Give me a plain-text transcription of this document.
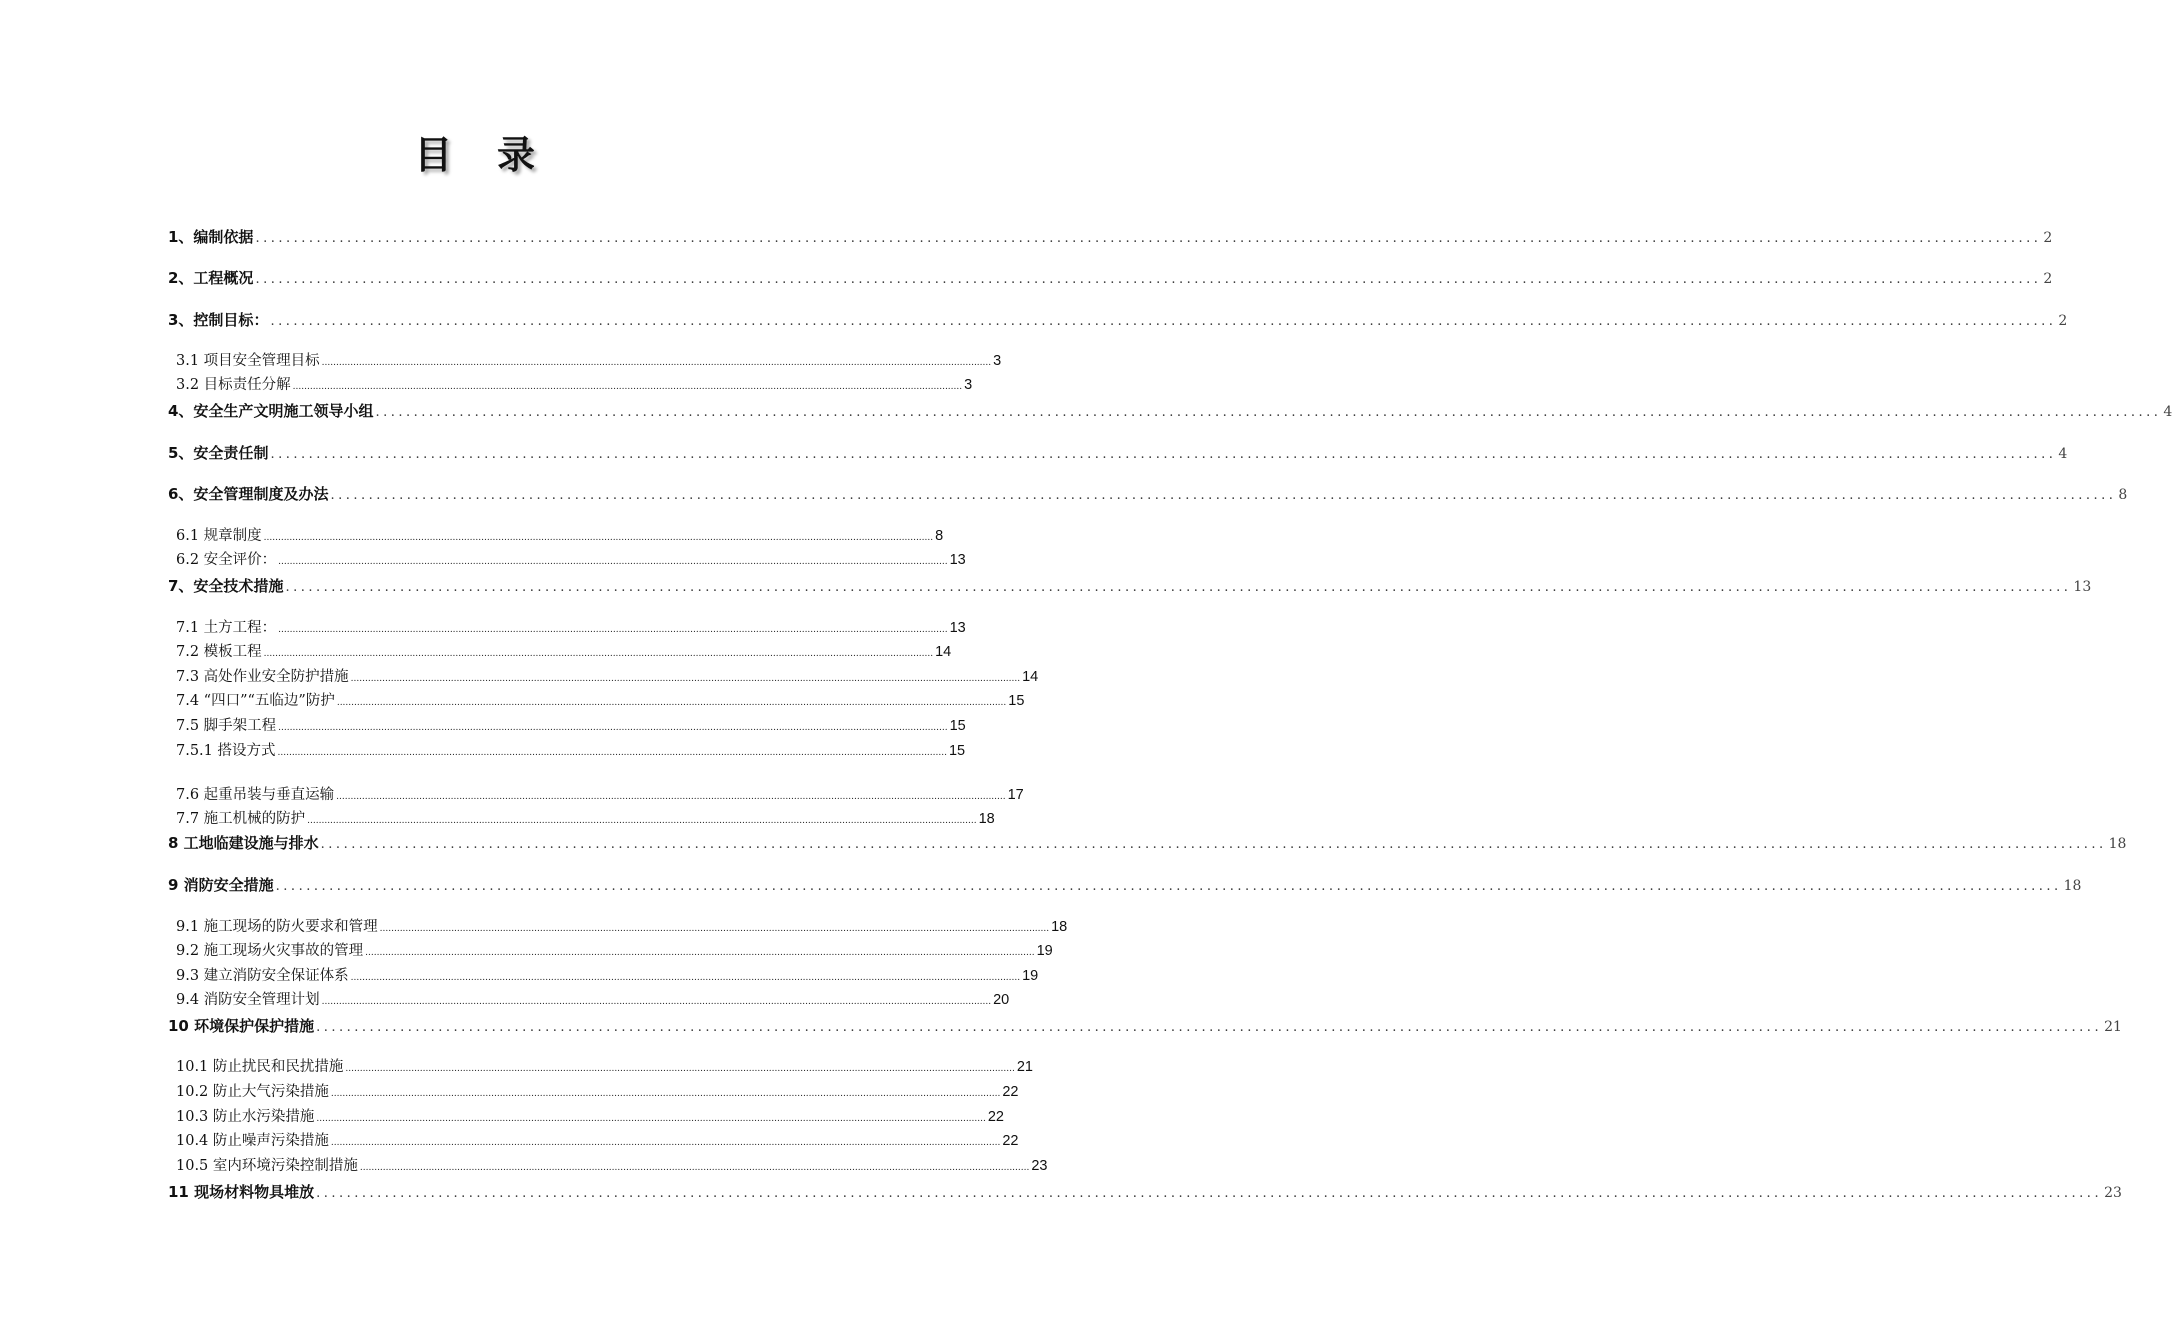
目 录
1、编制依据 .......................................................................................................................................................................................................................................... 2
2、工程概况 .......................................................................................................................................................................................................................................... 2
3、控制目标： .......................................................................................................................................................................................................................................... 2
3.1 项目安全管理目标 .......................................................................................................................................................................................................................................... 3
3.2 目标责任分解 .......................................................................................................................................................................................................................................... 3
4、安全生产文明施工领导小组 .......................................................................................................................................................................................................................................... 4
5、安全责任制 .......................................................................................................................................................................................................................................... 4
6、安全管理制度及办法 .......................................................................................................................................................................................................................................... 8
6.1 规章制度 .......................................................................................................................................................................................................................................... 8
6.2 安全评价： .......................................................................................................................................................................................................................................... 13
7、安全技术措施 .......................................................................................................................................................................................................................................... 13
7.1 土方工程： .......................................................................................................................................................................................................................................... 13
7.2 模板工程 .......................................................................................................................................................................................................................................... 14
7.3 高处作业安全防护措施 .......................................................................................................................................................................................................................................... 14
7.4 “四口”“五临边”防护 .......................................................................................................................................................................................................................................... 15
7.5 脚手架工程 .......................................................................................................................................................................................................................................... 15
7.5.1 搭设方式 .......................................................................................................................................................................................................................................... 15
7.6 起重吊装与垂直运输 .......................................................................................................................................................................................................................................... 17
7.7 施工机械的防护 .......................................................................................................................................................................................................................................... 18
8 工地临建设施与排水 .......................................................................................................................................................................................................................................... 18
9 消防安全措施 .......................................................................................................................................................................................................................................... 18
9.1 施工现场的防火要求和管理 .......................................................................................................................................................................................................................................... 18
9.2 施工现场火灾事故的管理 .......................................................................................................................................................................................................................................... 19
9.3 建立消防安全保证体系 .......................................................................................................................................................................................................................................... 19
9.4 消防安全管理计划 .......................................................................................................................................................................................................................................... 20
10 环境保护保护措施 .......................................................................................................................................................................................................................................... 21
10.1 防止扰民和民扰措施 .......................................................................................................................................................................................................................................... 21
10.2 防止大气污染措施 .......................................................................................................................................................................................................................................... 22
10.3 防止水污染措施 .......................................................................................................................................................................................................................................... 22
10.4 防止噪声污染措施 .......................................................................................................................................................................................................................................... 22
10.5 室内环境污染控制措施 .......................................................................................................................................................................................................................................... 23
11 现场材料物具堆放 .......................................................................................................................................................................................................................................... 23
